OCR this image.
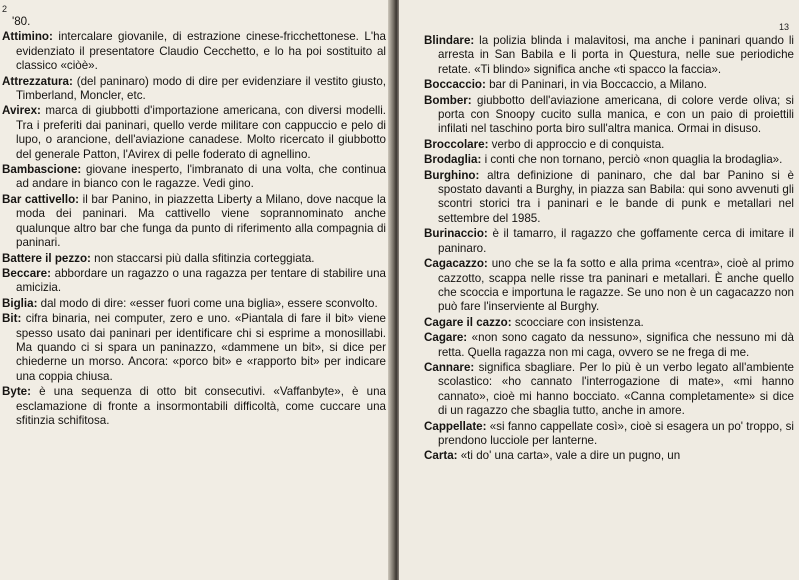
2
'80.
Attimino: intercalare giovanile, di estrazione cinese-fricchettonese. L'ha evidenziato il presentatore Claudio Cecchetto, e lo ha poi sostituito al classico «ciòè».
Attrezzatura: (del paninaro) modo di dire per evidenziare il vestito giusto, Timberland, Moncler, etc.
Avirex: marca di giubbotti d'importazione americana, con diversi modelli. Tra i preferiti dai paninari, quello verde militare con cappuccio e pelo di lupo, o arancione, dell'aviazione canadese. Molto ricercato il giubbotto del generale Patton, l'Avirex di pelle foderato di agnellino.
Bambascione: giovane inesperto, l'imbranato di una volta, che continua ad andare in bianco con le ragazze. Vedi gino.
Bar cattivello: il bar Panino, in piazzetta Liberty a Milano, dove nacque la moda dei paninari. Ma cattivello viene soprannominato anche qualunque altro bar che funga da punto di riferimento alla compagnia di paninari.
Battere il pezzo: non staccarsi più dalla sfitinzia corteggiata.
Beccare: abbordare un ragazzo o una ragazza per tentare di stabilire una amicizia.
Biglia: dal modo di dire: «esser fuori come una biglia», essere sconvolto.
Bit: cifra binaria, nei computer, zero e uno. «Piantala di fare il bit» viene spesso usato dai paninari per identificare chi si esprime a monosillabi. Ma quando ci si spara un paninazzo, «dammene un bit», si dice per chiederne un morso. Ancora: «porco bit» e «rapporto bit» per indicare una coppia chiusa.
Byte: è una sequenza di otto bit consecutivi. «Vaffanbyte», è una esclamazione di fronte a insormontabili difficoltà, come cuccare una sfitinzia schifitosa.
13
Blindare: la polizia blinda i malavitosi, ma anche i paninari quando li arresta in San Babila e li porta in Questura, nelle sue periodiche retate. «Ti blindo» significa anche «ti spacco la faccia».
Boccaccio: bar di Paninari, in via Boccaccio, a Milano.
Bomber: giubbotto dell'aviazione americana, di colore verde oliva; si porta con Snoopy cucito sulla manica, e con un paio di proiettili infilati nel taschino porta biro sull'altra manica. Ormai in disuso.
Broccolare: verbo di approccio e di conquista.
Brodaglia: i conti che non tornano, perciò «non quaglia la brodaglia».
Burghino: altra definizione di paninaro, che dal bar Panino si è spostato davanti a Burghy, in piazza san Babila: qui sono avvenuti gli scontri storici tra i paninari e le bande di punk e metallari nel settembre del 1985.
Burinaccio: è il tamarro, il ragazzo che goffamente cerca di imitare il paninaro.
Cagacazzo: uno che se la fa sotto e alla prima «centra», cioè al primo cazzotto, scappa nelle risse tra paninari e metallari. È anche quello che scoccia e importuna le ragazze. Se uno non è un cagacazzo non può fare l'inserviente al Burghy.
Cagare il cazzo: scocciare con insistenza.
Cagare: «non sono cagato da nessuno», significa che nessuno mi dà retta. Quella ragazza non mi caga, ovvero se ne frega di me.
Cannare: significa sbagliare. Per lo più è un verbo legato all'ambiente scolastico: «ho cannato l'interrogazione di mate», «mi hanno cannato», cioè mi hanno bocciato. «Canna completamente» si dice di un ragazzo che sbaglia tutto, anche in amore.
Cappellate: «si fanno cappellate così», cioè si esagera un po' troppo, si prendono lucciole per lanterne.
Carta: «ti do' una carta», vale a dire un pugno, un
